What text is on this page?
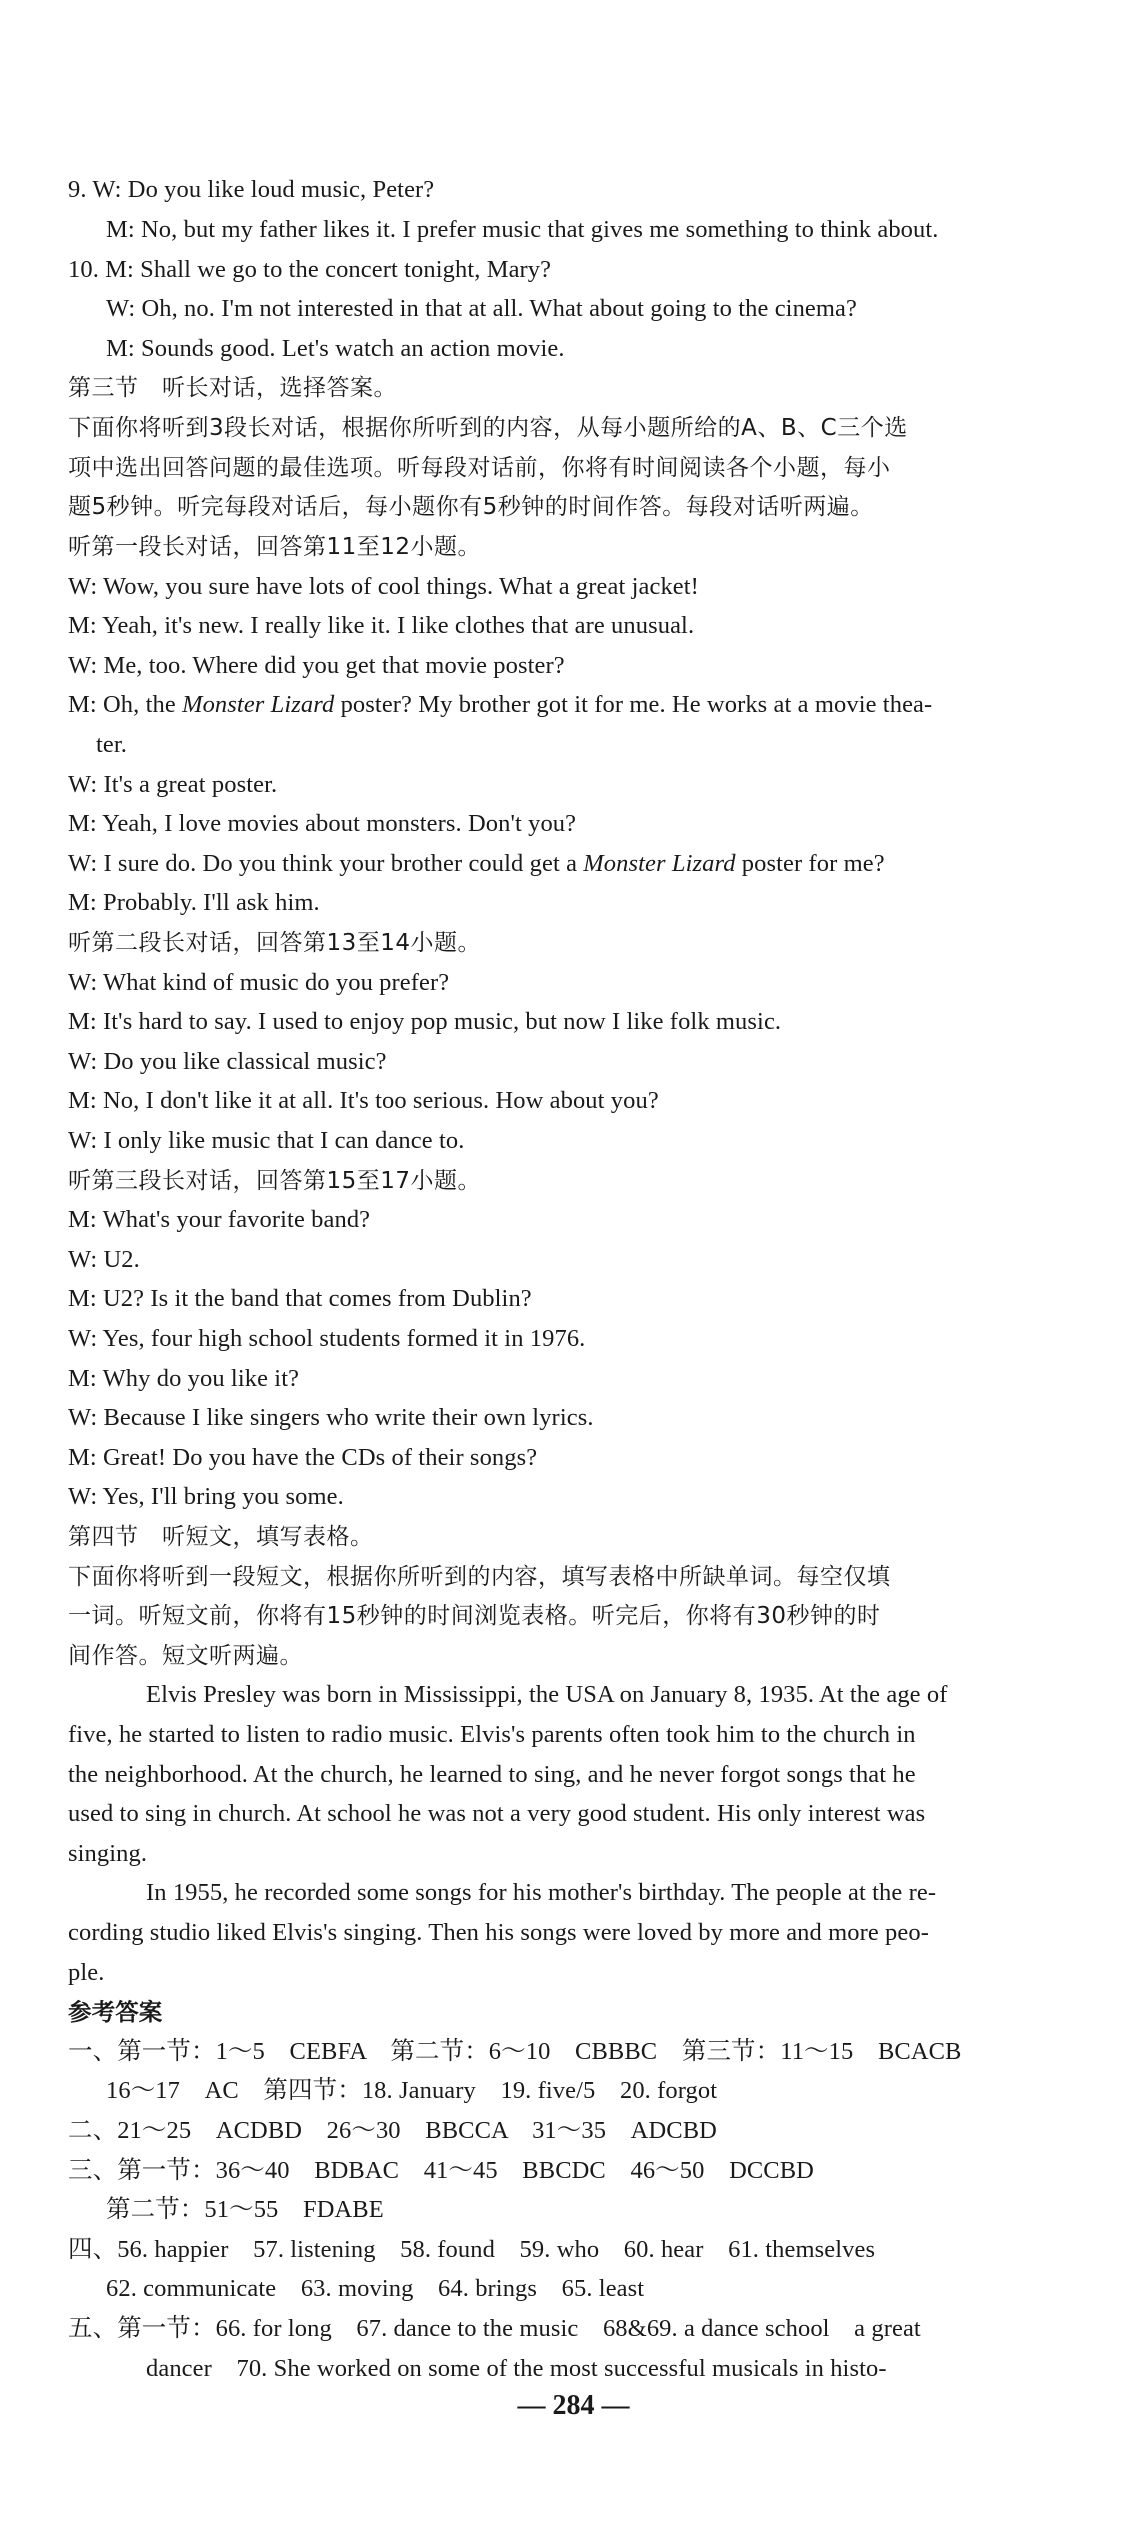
9. W: Do you like loud music, Peter?
M: No, but my father likes it. I prefer music that gives me something to think about.
10. M: Shall we go to the concert tonight, Mary?
W: Oh, no. I'm not interested in that at all. What about going to the cinema?
M: Sounds good. Let's watch an action movie.
第三节　听长对话，选择答案。
下面你将听到3段长对话，根据你所听到的内容，从每小题所给的A、B、C三个选
项中选出回答问题的最佳选项。听每段对话前，你将有时间阅读各个小题，每小
题5秒钟。听完每段对话后，每小题你有5秒钟的时间作答。每段对话听两遍。
听第一段长对话，回答第11至12小题。
W: Wow, you sure have lots of cool things. What a great jacket!
M: Yeah, it's new. I really like it. I like clothes that are unusual.
W: Me, too. Where did you get that movie poster?
M: Oh, the Monster Lizard poster? My brother got it for me. He works at a movie thea-
ter.
W: It's a great poster.
M: Yeah, I love movies about monsters. Don't you?
W: I sure do. Do you think your brother could get a Monster Lizard poster for me?
M: Probably. I'll ask him.
听第二段长对话，回答第13至14小题。
W: What kind of music do you prefer?
M: It's hard to say. I used to enjoy pop music, but now I like folk music.
W: Do you like classical music?
M: No, I don't like it at all. It's too serious. How about you?
W: I only like music that I can dance to.
听第三段长对话，回答第15至17小题。
M: What's your favorite band?
W: U2.
M: U2? Is it the band that comes from Dublin?
W: Yes, four high school students formed it in 1976.
M: Why do you like it?
W: Because I like singers who write their own lyrics.
M: Great! Do you have the CDs of their songs?
W: Yes, I'll bring you some.
第四节　听短文，填写表格。
下面你将听到一段短文，根据你所听到的内容，填写表格中所缺单词。每空仅填
一词。听短文前，你将有15秒钟的时间浏览表格。听完后，你将有30秒钟的时
间作答。短文听两遍。
Elvis Presley was born in Mississippi, the USA on January 8, 1935. At the age of
five, he started to listen to radio music. Elvis's parents often took him to the church in
the neighborhood. At the church, he learned to sing, and he never forgot songs that he
used to sing in church. At school he was not a very good student. His only interest was
singing.
In 1955, he recorded some songs for his mother's birthday. The people at the re-
cording studio liked Elvis's singing. Then his songs were loved by more and more peo-
ple.
参考答案
一、第一节：1～5　CEBFA　第二节：6～10　CBBBC　第三节：11～15　BCACB
16～17　AC　第四节：18. January　19. five/5　20. forgot
二、21～25　ACDBD　26～30　BBCCA　31～35　ADCBD
三、第一节：36～40　BDBAC　41～45　BBCDC　46～50　DCCBD
第二节：51～55　FDABE
四、56. happier　57. listening　58. found　59. who　60. hear　61. themselves
62. communicate　63. moving　64. brings　65. least
五、第一节：66. for long　67. dance to the music　68&69. a dance school　a great
dancer　70. She worked on some of the most successful musicals in histo-
— 284 —
